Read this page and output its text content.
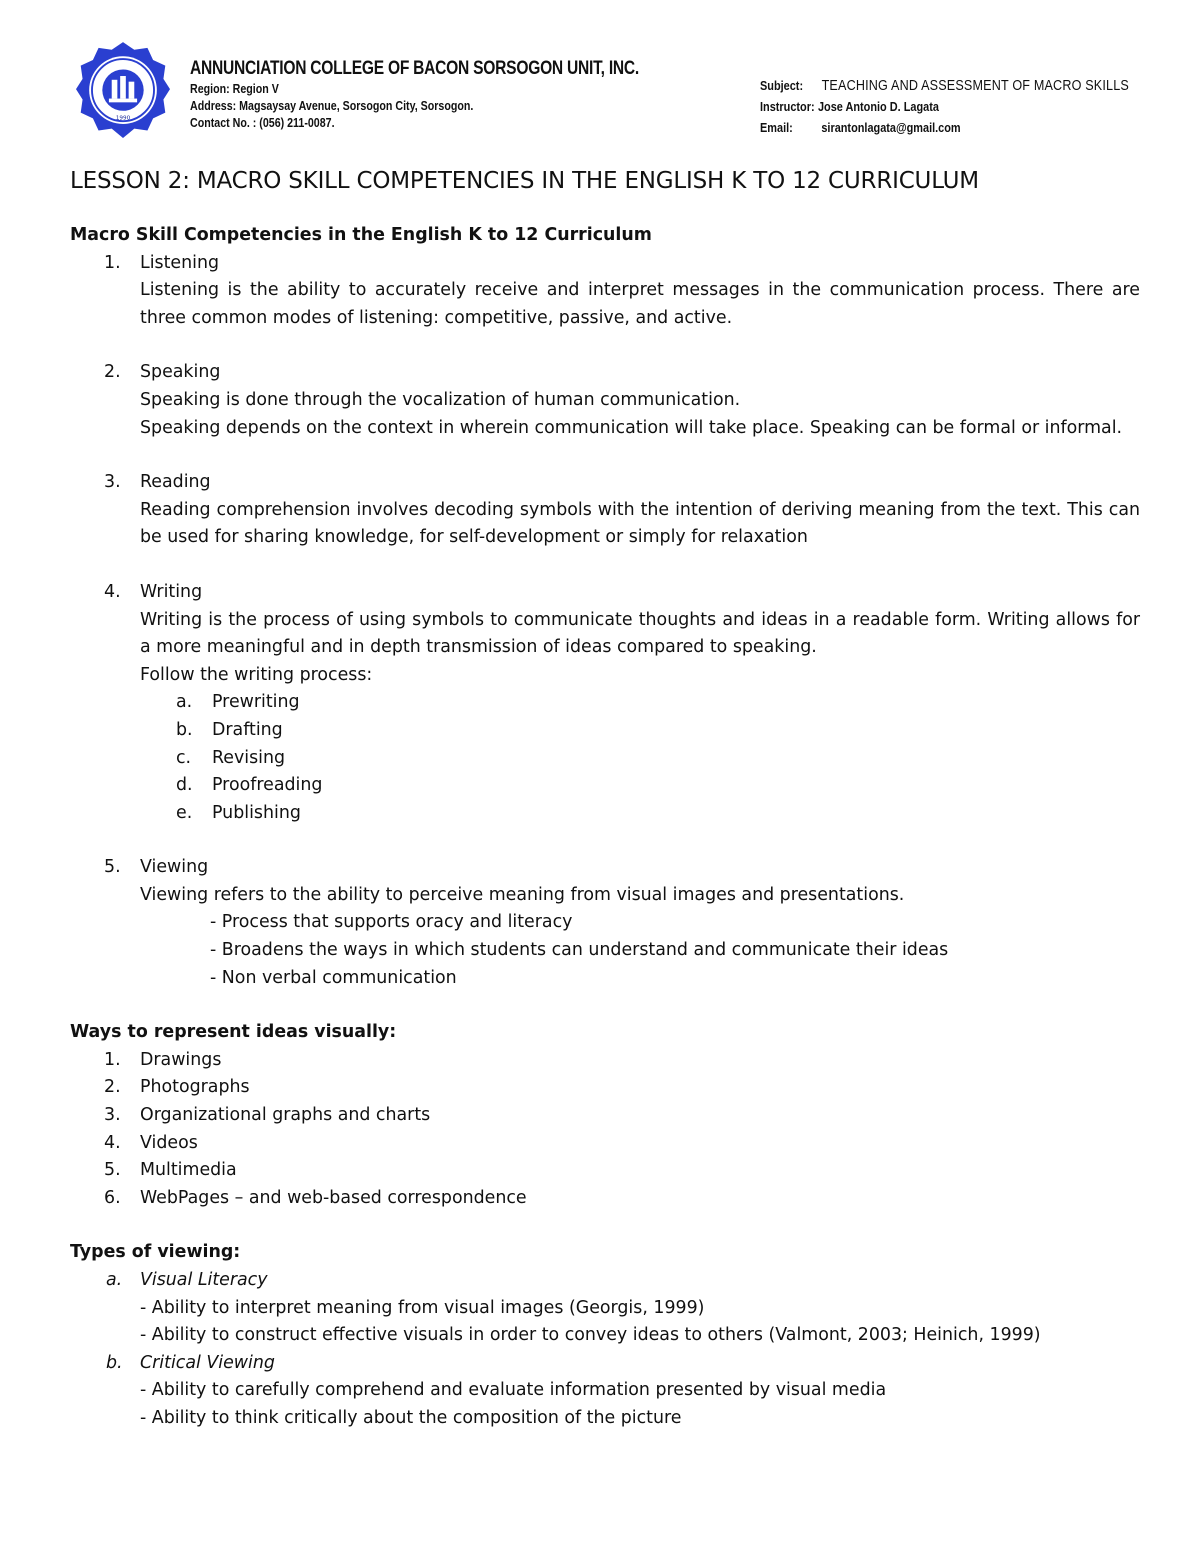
1990
ANNUNCIATION COLLEGE OF BACON SORSOGON UNIT, INC.
Region: Region V
Address: Magsaysay Avenue, Sorsogon City, Sorsogon.
Contact No. : (056) 211-0087.
Subject: TEACHING AND ASSESSMENT OF MACRO SKILLS
Instructor: Jose Antonio D. Lagata
Email: sirantonlagata@gmail.com
LESSON 2: MACRO SKILL COMPETENCIES IN THE ENGLISH K TO 12 CURRICULUM
Macro Skill Competencies in the English K to 12 Curriculum
1. Listening
Listening is the ability to accurately receive and interpret messages in the communication process. There are three common modes of listening: competitive, passive, and active.
2. Speaking
Speaking is done through the vocalization of human communication.
Speaking depends on the context in wherein communication will take place. Speaking can be formal or informal.
3. Reading
Reading comprehension involves decoding symbols with the intention of deriving meaning from the text. This can be used for sharing knowledge, for self-development or simply for relaxation
4. Writing
Writing is the process of using symbols to communicate thoughts and ideas in a readable form. Writing allows for a more meaningful and in depth transmission of ideas compared to speaking.
Follow the writing process:
a. Prewriting
b. Drafting
c. Revising
d. Proofreading
e. Publishing
5. Viewing
Viewing refers to the ability to perceive meaning from visual images and presentations.
- Process that supports oracy and literacy
- Broadens the ways in which students can understand and communicate their ideas
- Non verbal communication
Ways to represent ideas visually:
1. Drawings
2. Photographs
3. Organizational graphs and charts
4. Videos
5. Multimedia
6. WebPages – and web-based correspondence
Types of viewing:
a. Visual Literacy
- Ability to interpret meaning from visual images (Georgis, 1999)
- Ability to construct effective visuals in order to convey ideas to others (Valmont, 2003; Heinich, 1999)
b. Critical Viewing
- Ability to carefully comprehend and evaluate information presented by visual media
- Ability to think critically about the composition of the picture
